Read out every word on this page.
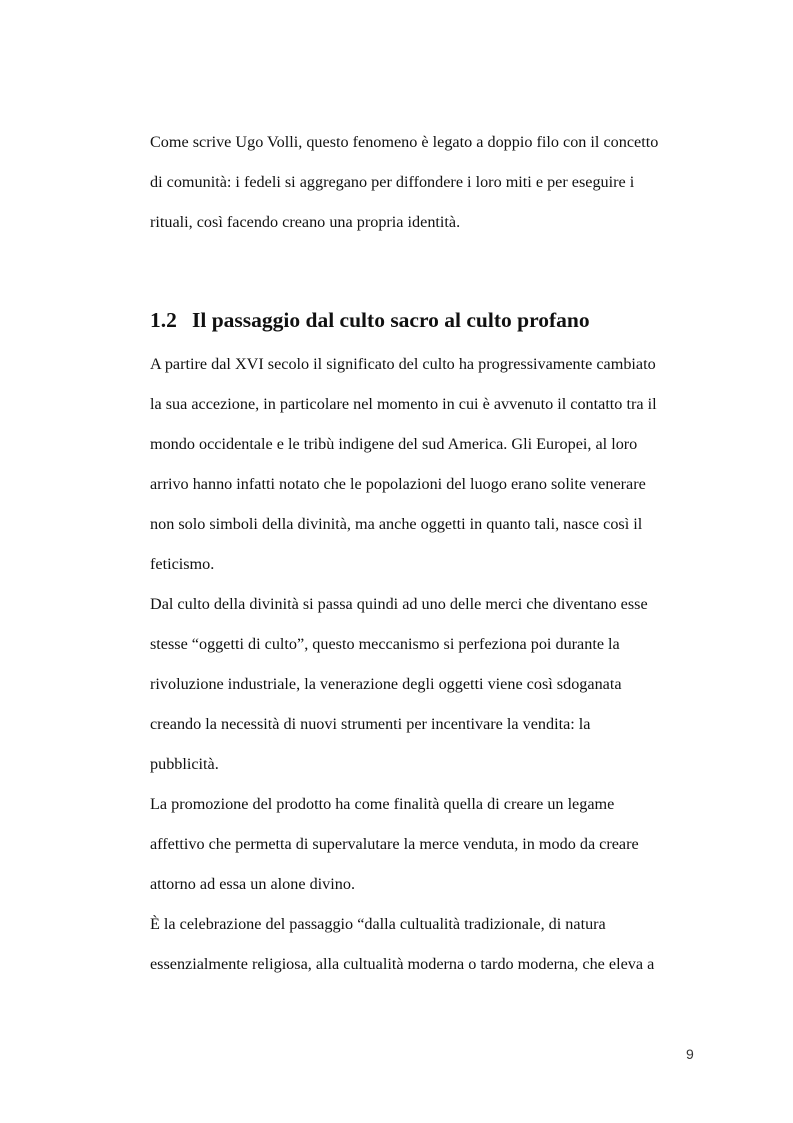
Come scrive Ugo Volli, questo fenomeno è legato a doppio filo con il concetto
di comunità: i fedeli si aggregano per diffondere i loro miti e per eseguire i
rituali, così facendo creano una propria identità.
1.2 Il passaggio dal culto sacro al culto profano
A partire dal XVI secolo il significato del culto ha progressivamente cambiato
la sua accezione, in particolare nel momento in cui è avvenuto il contatto tra il
mondo occidentale e le tribù indigene del sud America. Gli Europei, al loro
arrivo hanno infatti notato che le popolazioni del luogo erano solite venerare
non solo simboli della divinità, ma anche oggetti in quanto tali, nasce così il
feticismo.
Dal culto della divinità si passa quindi ad uno delle merci che diventano esse
stesse “oggetti di culto”, questo meccanismo si perfeziona poi durante la
rivoluzione industriale, la venerazione degli oggetti viene così sdoganata
creando la necessità di nuovi strumenti per incentivare la vendita: la
pubblicità.
La promozione del prodotto ha come finalità quella di creare un legame
affettivo che permetta di supervalutare la merce venduta, in modo da creare
attorno ad essa un alone divino.
È la celebrazione del passaggio “dalla cultualità tradizionale, di natura
essenzialmente religiosa, alla cultualità moderna o tardo moderna, che eleva a
9
